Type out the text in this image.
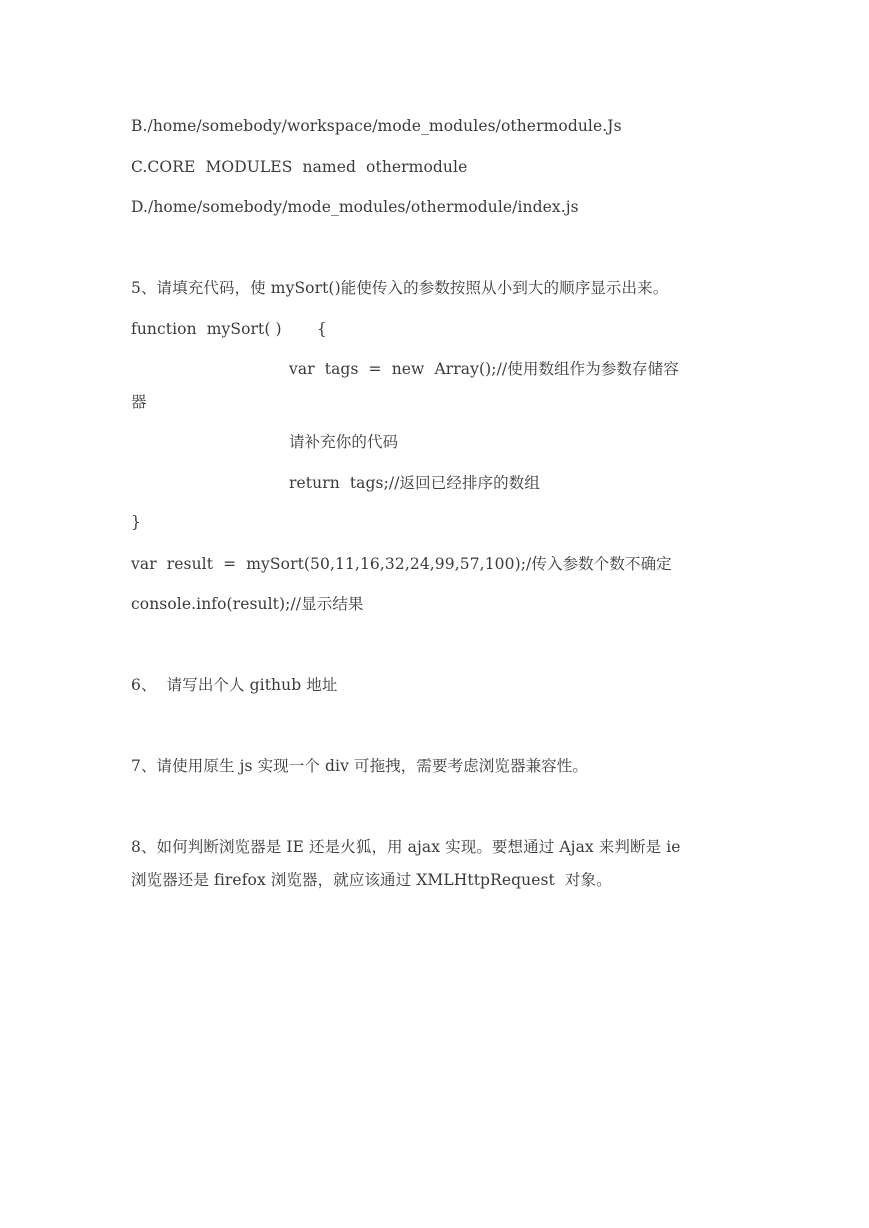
B./home/somebody/workspace/mode_modules/othermodule.Js
C.CORE  MODULES  named  othermodule
D./home/somebody/mode_modules/othermodule/index.js
5、请填充代码，使 mySort()能使传入的参数按照从小到大的顺序显示出来。
function  mySort( )       {
var  tags  =  new  Array();//使用数组作为参数存储容
器
请补充你的代码
return  tags;//返回已经排序的数组
}
var  result  =  mySort(50,11,16,32,24,99,57,100);/传入参数个数不确定
console.info(result);//显示结果
6、  请写出个人 github 地址
7、请使用原生 js 实现一个 div 可拖拽，需要考虑浏览器兼容性。
8、如何判断浏览器是 IE 还是火狐，用 ajax 实现。要想通过 Ajax 来判断是 ie
浏览器还是 firefox 浏览器，就应该通过 XMLHttpRequest  对象。
